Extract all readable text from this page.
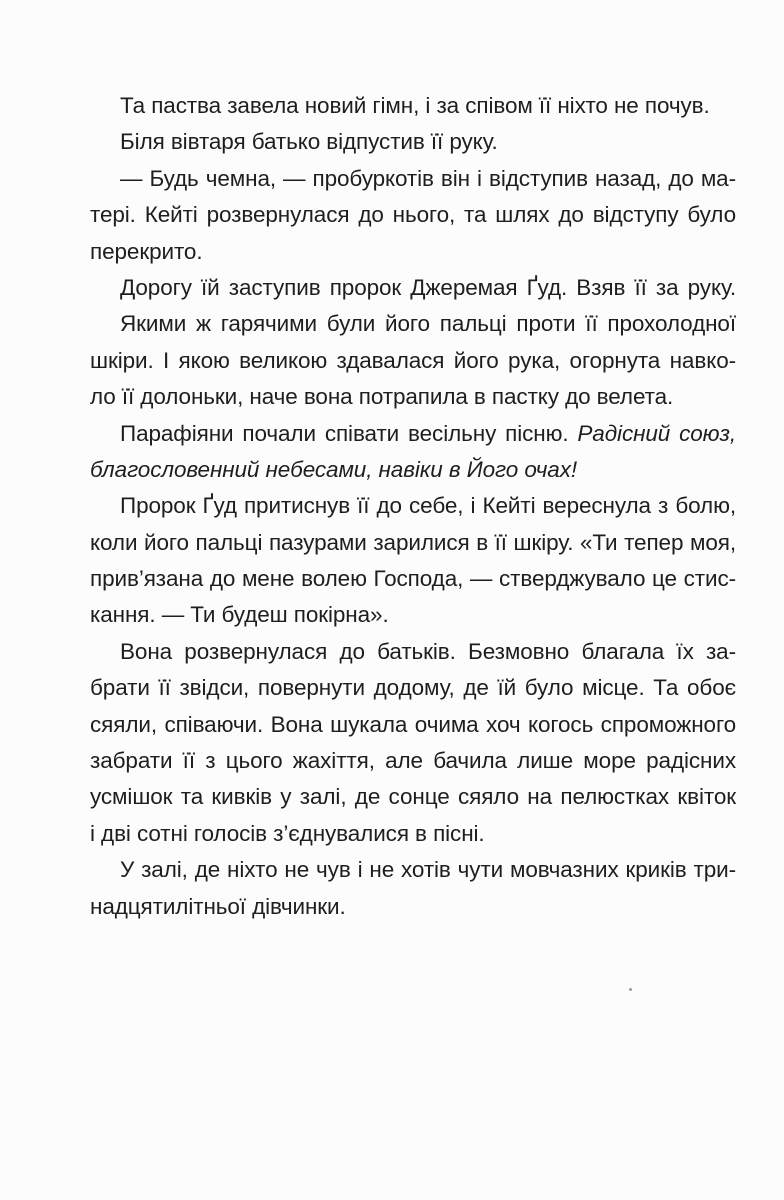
Та паства завела новий гімн, і за співом її ніхто не почув.
Біля вівтаря батько відпустив її руку.
— Будь чемна, — пробуркотів він і відступив назад, до ма-
тері. Кейті розвернулася до нього, та шлях до відступу було
перекрито.
Дорогу їй заступив пророк Джеремая Ґуд. Взяв її за руку.
Якими ж гарячими були його пальці проти її прохолодної
шкіри. І якою великою здавалася його рука, огорнута навко-
ло її долоньки, наче вона потрапила в пастку до велета.
Парафіяни почали співати весільну пісню. Радісний союз,
благословенний небесами, навіки в Його очах!
Пророк Ґуд притиснув її до себе, і Кейті вереснула з болю,
коли його пальці пазурами зарилися в її шкіру. «Ти тепер моя,
прив’язана до мене волею Господа, — стверджувало це стис-
кання. — Ти будеш покірна».
Вона розвернулася до батьків. Безмовно благала їх за-
брати її звідси, повернути додому, де їй було місце. Та обоє
сяяли, співаючи. Вона шукала очима хоч когось спроможного
забрати її з цього жахіття, але бачила лише море радісних
усмішок та кивків у залі, де сонце сяяло на пелюстках квіток
і дві сотні голосів з’єднувалися в пісні.
У залі, де ніхто не чув і не хотів чути мовчазних криків три-
надцятилітньої дівчинки.
